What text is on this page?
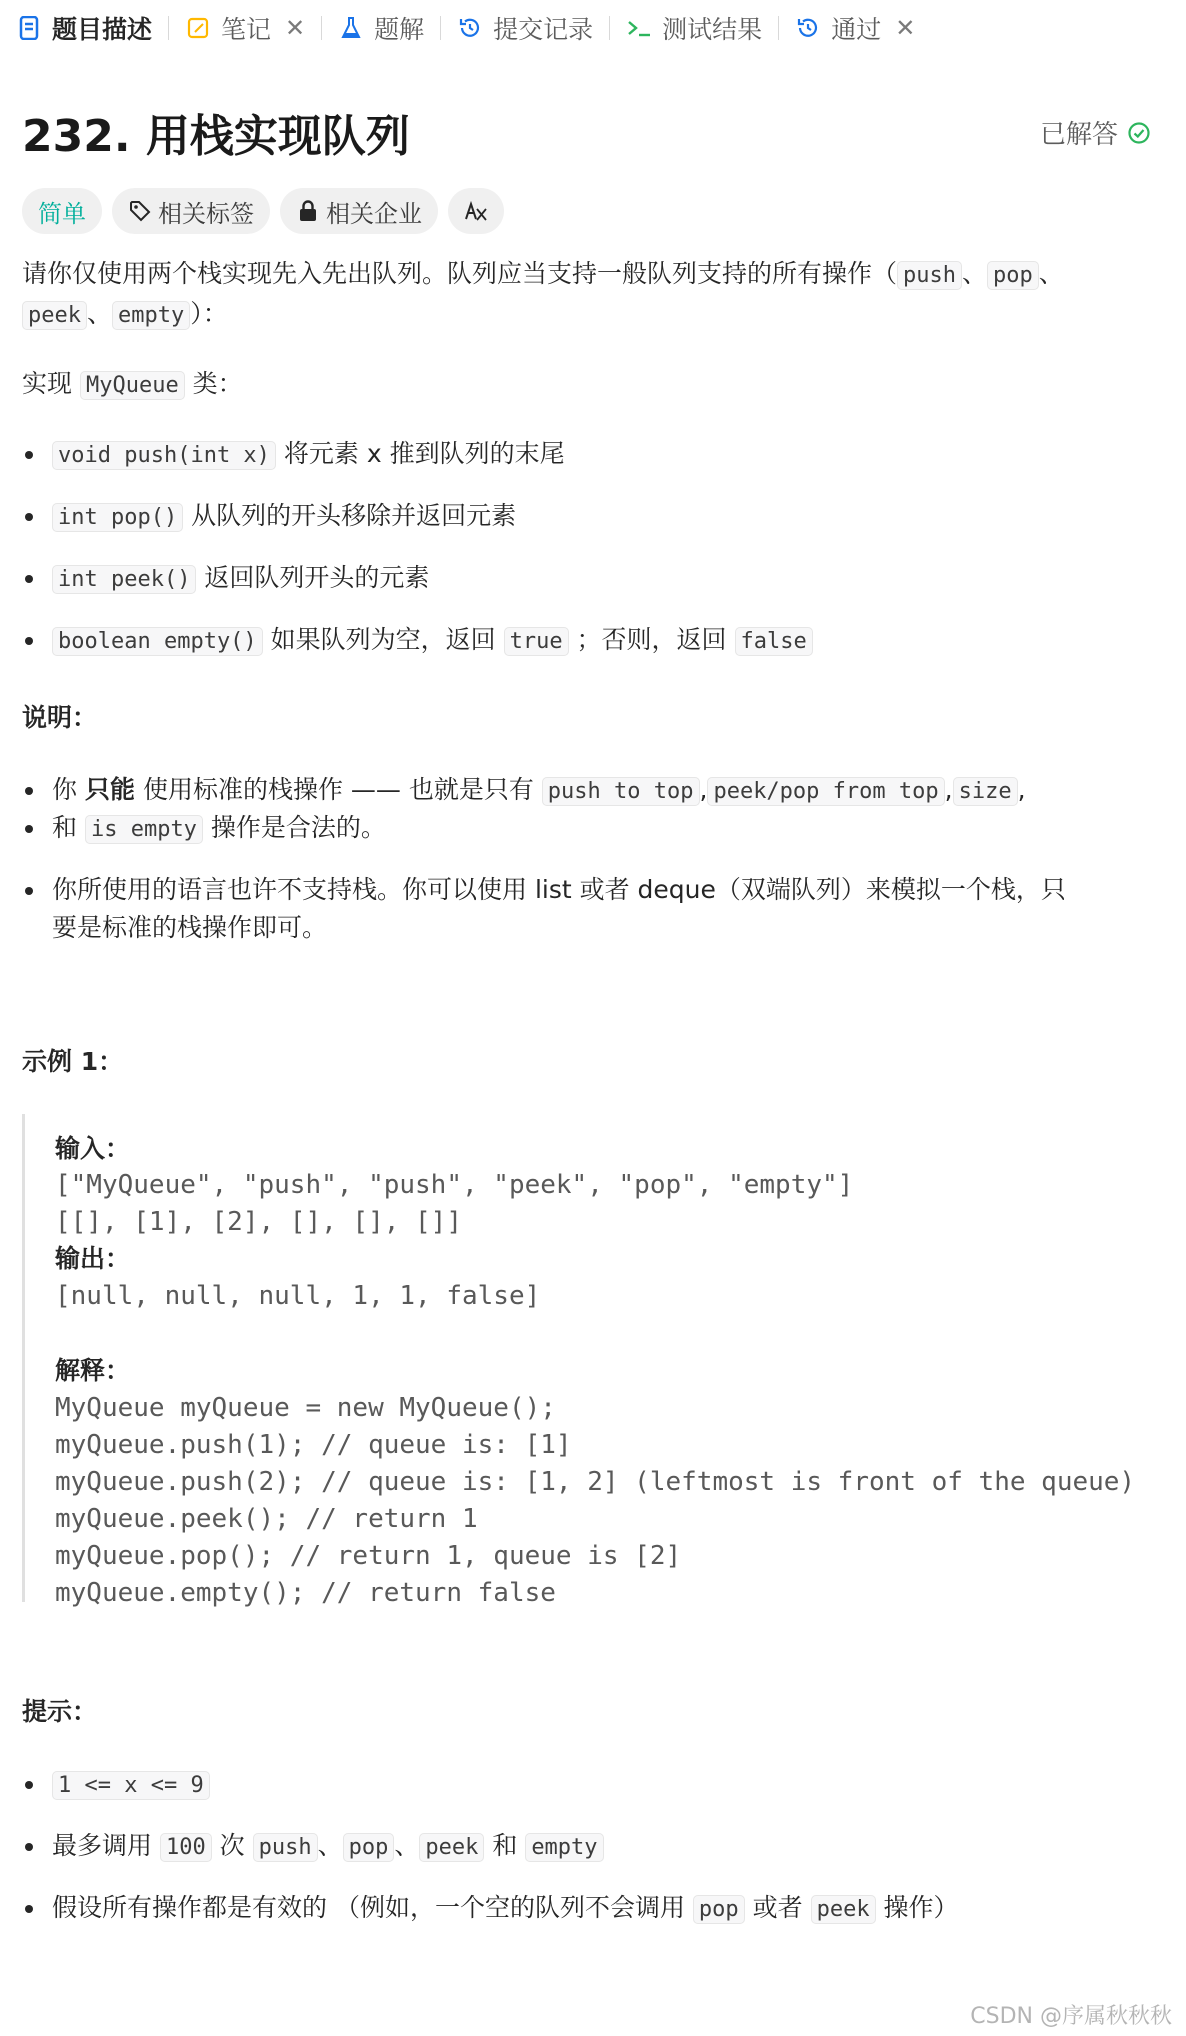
题目描述	笔记 ✕	题解	提交记录	测试结果	通过 ✕
232. 用栈实现队列	已解答
简单	相关标签	相关企业
请你仅使用两个栈实现先入先出队列。队列应当支持一般队列支持的所有操作（ push 、 pop 、
peek 、 empty ）：
实现 MyQueue 类：
void push(int x) 将元素 x 推到队列的末尾
int pop() 从队列的开头移除并返回元素
int peek() 返回队列开头的元素
boolean empty() 如果队列为空，返回 true ；否则，返回 false
说明：
你 只能 使用标准的栈操作 —— 也就是只有 push to top , peek/pop from top , size ,
和 is empty 操作是合法的。
你所使用的语言也许不支持栈。你可以使用 list 或者 deque（双端队列）来模拟一个栈，只
要是标准的栈操作即可。
示例 1：
输入：
["MyQueue", "push", "push", "peek", "pop", "empty"]
[[], [1], [2], [], [], []]
输出：
[null, null, null, 1, 1, false]
解释：
MyQueue myQueue = new MyQueue();
myQueue.push(1); // queue is: [1]
myQueue.push(2); // queue is: [1, 2] (leftmost is front of the queue)
myQueue.peek(); // return 1
myQueue.pop(); // return 1, queue is [2]
myQueue.empty(); // return false
提示：
1 <= x <= 9
最多调用 100 次 push 、 pop 、 peek 和 empty
假设所有操作都是有效的 （例如，一个空的队列不会调用 pop 或者 peek 操作）
CSDN @序属秋秋秋
